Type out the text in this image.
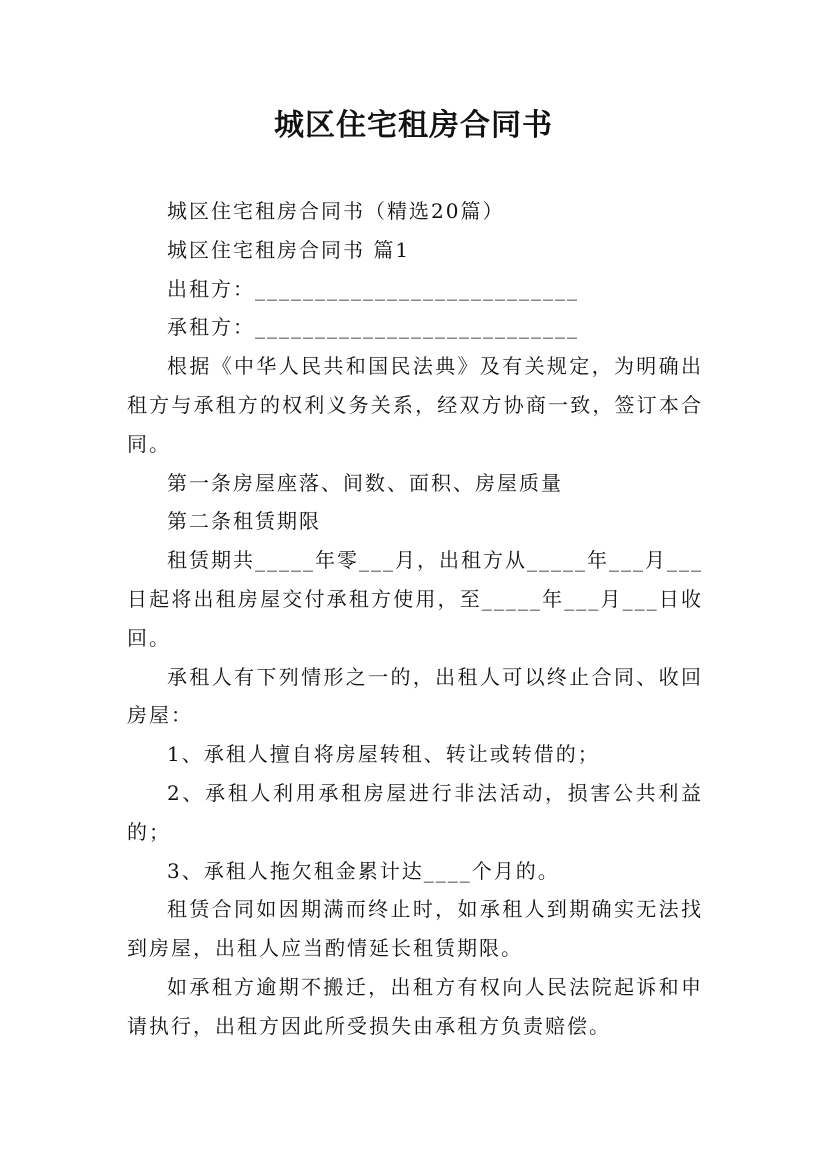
城区住宅租房合同书

城区住宅租房合同书（精选20篇）

城区住宅租房合同书 篇1

出租方：___________________________

承租方：___________________________

根据《中华人民共和国民法典》及有关规定，为明确出租方与承租方的权利义务关系，经双方协商一致，签订本合同。

第一条房屋座落、间数、面积、房屋质量

第二条租赁期限

租赁期共_____年零___月，出租方从_____年___月___日起将出租房屋交付承租方使用，至_____年___月___日收回。

承租人有下列情形之一的，出租人可以终止合同、收回房屋：

1、承租人擅自将房屋转租、转让或转借的；

2、承租人利用承租房屋进行非法活动，损害公共利益的；

3、承租人拖欠租金累计达____个月的。

租赁合同如因期满而终止时，如承租人到期确实无法找到房屋，出租人应当酌情延长租赁期限。

如承租方逾期不搬迁，出租方有权向人民法院起诉和申请执行，出租方因此所受损失由承租方负责赔偿。
